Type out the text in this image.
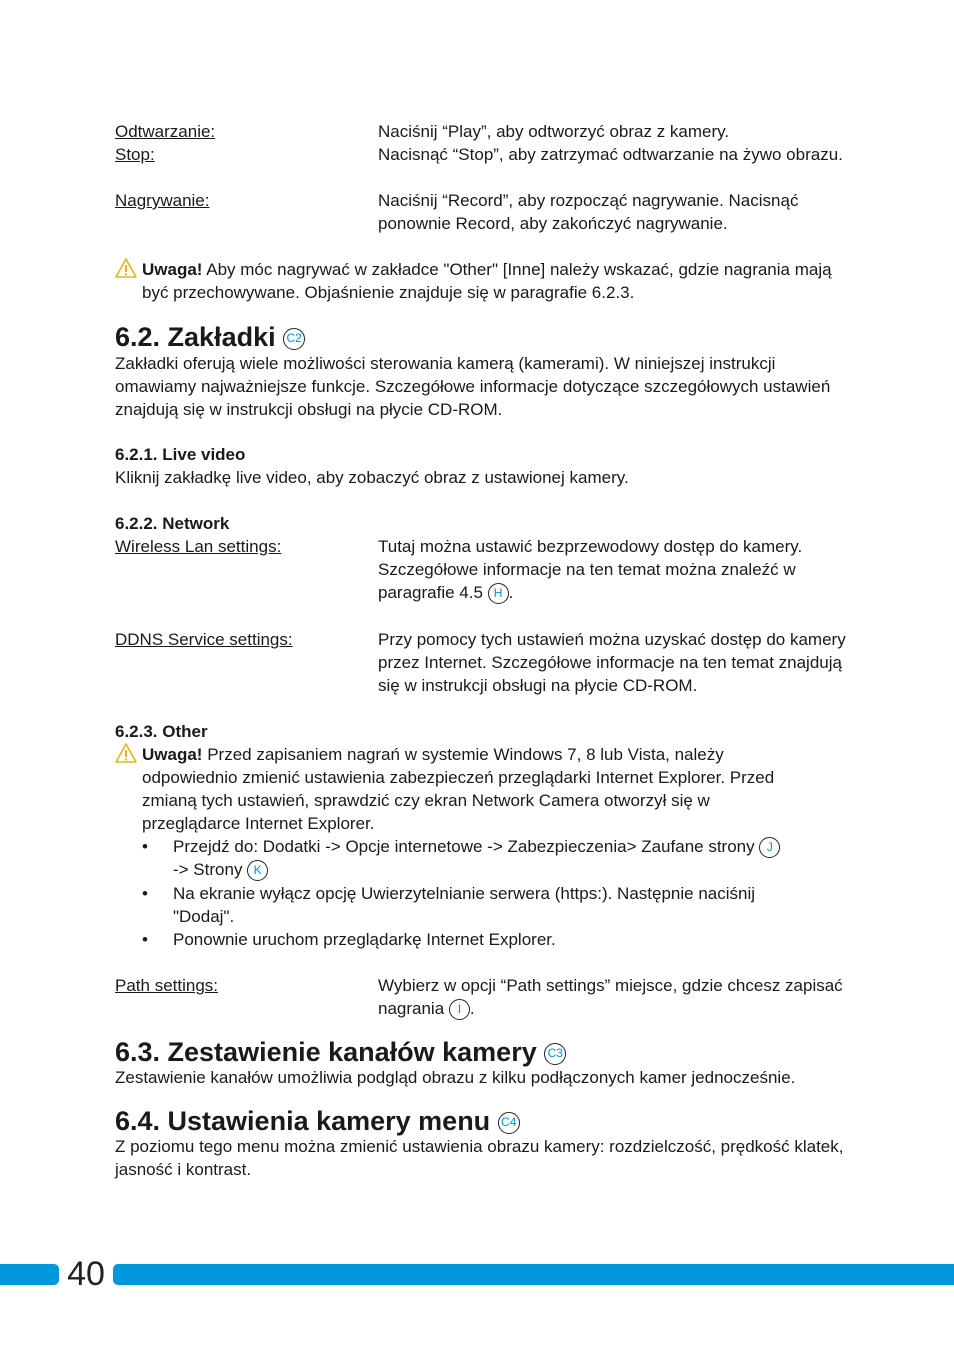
Odtwarzanie:	Naciśnij “Play”, aby odtworzyć obraz z kamery.
Stop:	Nacisnąć “Stop”, aby zatrzymać odtwarzanie na żywo obrazu.
Nagrywanie:	Naciśnij “Record”, aby rozpocząć nagrywanie. Nacisnąć ponownie Record, aby zakończyć nagrywanie.
Uwaga! Aby móc nagrywać w zakładce "Other" [Inne] należy wskazać, gdzie nagrania mają być przechowywane. Objaśnienie znajduje się w paragrafie 6.2.3.
6.2. Zakładki C2
Zakładki oferują wiele możliwości sterowania kamerą (kamerami). W niniejszej instrukcji omawiamy najważniejsze funkcje. Szczegółowe informacje dotyczące szczegółowych ustawień znajdują się w instrukcji obsługi na płycie CD-ROM.
6.2.1. Live video
Kliknij zakładkę live video, aby zobaczyć obraz z ustawionej kamery.
6.2.2. Network
Wireless Lan settings:	Tutaj można ustawić bezprzewodowy dostęp do kamery. Szczegółowe informacje na ten temat można znaleźć w paragrafie 4.5 H .
DDNS Service settings:	Przy pomocy tych ustawień można uzyskać dostęp do kamery przez Internet. Szczegółowe informacje na ten temat znajdują się w instrukcji obsługi na płycie CD-ROM.
6.2.3. Other
Uwaga! Przed zapisaniem nagrań w systemie Windows 7, 8 lub Vista, należy odpowiednio zmienić ustawienia zabezpieczeń przeglądarki Internet Explorer. Przed zmianą tych ustawień, sprawdzić czy ekran Network Camera otworzył się w przeglądarce Internet Explorer.
• Przejdź do: Dodatki -> Opcje internetowe -> Zabezpieczenia> Zaufane strony J
-> Strony K
• Na ekranie wyłącz opcję Uwierzytelnianie serwera (https:). Następnie naciśnij "Dodaj".
• Ponownie uruchom przeglądarkę Internet Explorer.
Path settings:	Wybierz w opcji “Path settings” miejsce, gdzie chcesz zapisać nagrania I .
6.3. Zestawienie kanałów kamery C3
Zestawienie kanałów umożliwia podgląd obrazu z kilku podłączonych kamer jednocześnie.
6.4. Ustawienia kamery menu C4
Z poziomu tego menu można zmienić ustawienia obrazu kamery: rozdzielczość, prędkość klatek, jasność i kontrast.
40
